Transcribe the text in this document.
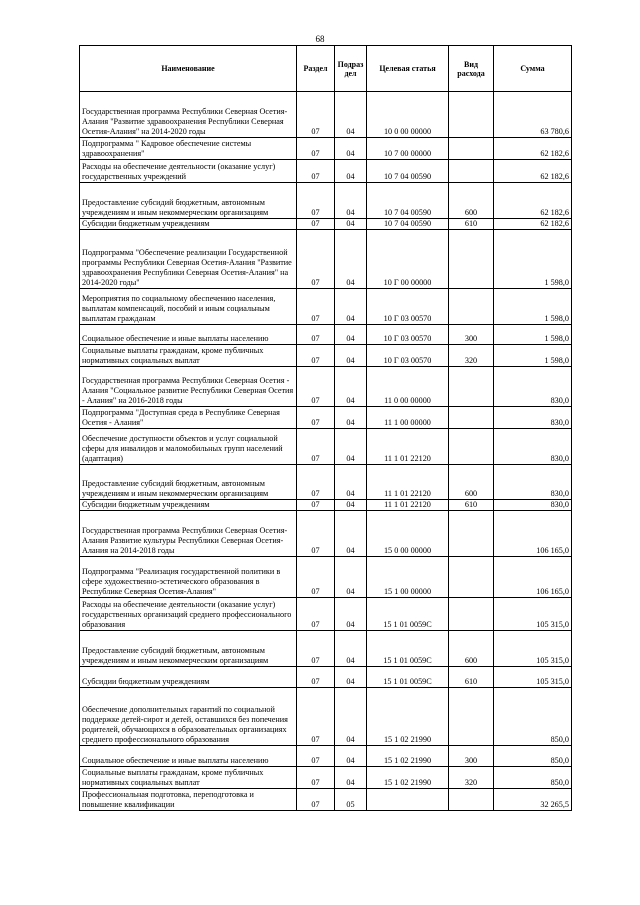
68
Наименование	Раздел	Подраз дел	Целевая статья	Вид расхода	Сумма
Государственная программа Республики Северная Осетия-Алания "Развитие здравоохранения Республики Северная Осетия-Алания" на 2014-2020 годы	07	04	10 0 00 00000		63 780,6
Подпрограмма " Кадровое обеспечение системы здравоохранения"	07	04	10 7 00 00000		62 182,6
Расходы на обеспечение деятельности (оказание услуг) государственных учреждений	07	04	10 7 04 00590		62 182,6
Предоставление субсидий бюджетным, автономным учреждениям и иным некоммерческим организациям	07	04	10 7 04 00590	600	62 182,6
Субсидии бюджетным учреждениям	07	04	10 7 04 00590	610	62 182,6
Подпрограмма "Обеспечение реализации Государственной программы Республики Северная Осетия-Алания "Развитие здравоохранения Республики Северная Осетия-Алания" на 2014-2020 годы"	07	04	10 Г 00 00000		1 598,0
Мероприятия по социальному обеспечению населения, выплатам компенсаций, пособий и иным социальным выплатам гражданам	07	04	10 Г 03 00570		1 598,0
Социальное обеспечение и иные выплаты населению	07	04	10 Г 03 00570	300	1 598,0
Социальные выплаты гражданам, кроме публичных нормативных социальных выплат	07	04	10 Г 03 00570	320	1 598,0
Государственная программа Республики Северная Осетия - Алания "Социальное развитие Республики Северная Осетия - Алания" на 2016-2018 годы	07	04	11 0 00 00000		830,0
Подпрограмма "Доступная среда в Республике Северная Осетия - Алания"	07	04	11 1 00 00000		830,0
Обеспечение доступности объектов и услуг социальной сферы для инвалидов и маломобильных групп населений (адаптация)	07	04	11 1 01 22120		830,0
Предоставление субсидий бюджетным, автономным учреждениям и иным некоммерческим организациям	07	04	11 1 01 22120	600	830,0
Субсидии бюджетным учреждениям	07	04	11 1 01 22120	610	830,0
Государственная программа Республики Северная Осетия-Алания Развитие культуры Республики Северная Осетия-Алания на 2014-2018 годы	07	04	15 0 00 00000		106 165,0
Подпрограмма "Реализация государственной политики в сфере художественно-эстетического образования в Республике Северная Осетия-Алания"	07	04	15 1 00 00000		106 165,0
Расходы на обеспечение деятельности (оказание услуг) государственных организаций среднего профессионального образования	07	04	15 1 01 0059С		105 315,0
Предоставление субсидий бюджетным, автономным учреждениям и иным некоммерческим организациям	07	04	15 1 01 0059С	600	105 315,0
Субсидии бюджетным учреждениям	07	04	15 1 01 0059С	610	105 315,0
Обеспечение дополнительных гарантий по социальной поддержке детей-сирот и детей, оставшихся без попечения родителей, обучающихся в образовательных организациях среднего профессионального образования	07	04	15 1 02 21990		850,0
Социальное обеспечение и иные выплаты населению	07	04	15 1 02 21990	300	850,0
Социальные выплаты гражданам, кроме публичных нормативных социальных выплат	07	04	15 1 02 21990	320	850,0
Профессиональная подготовка, переподготовка и повышение квалификации	07	05			32 265,5
